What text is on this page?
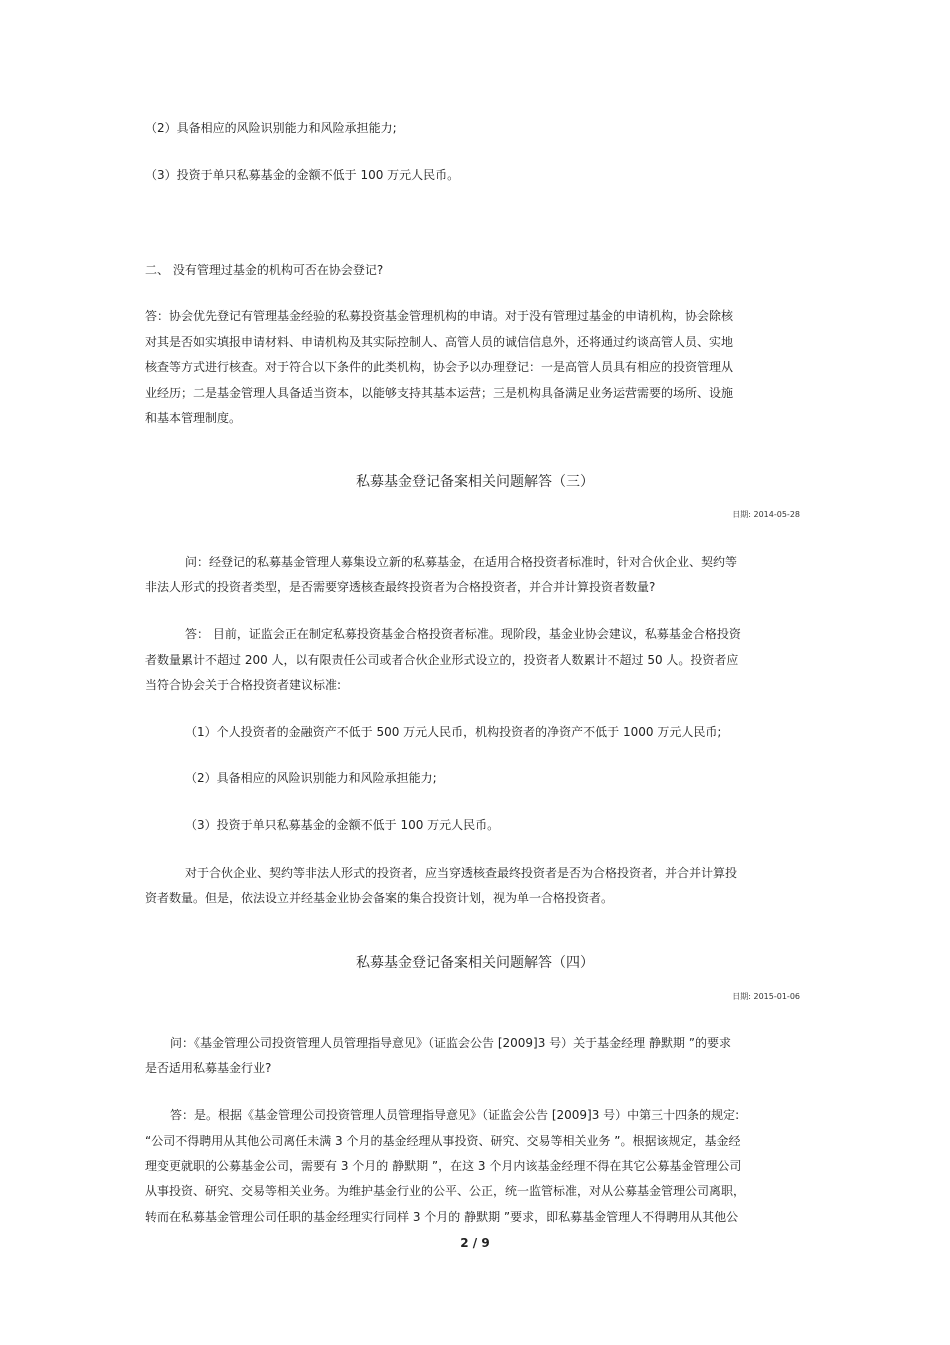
（2）具备相应的风险识别能力和风险承担能力;
（3）投资于单只私募基金的金额不低于 100 万元人民币。
二、 没有管理过基金的机构可否在协会登记?
答：协会优先登记有管理基金经验的私募投资基金管理机构的申请。对于没有管理过基金的申请机构，协会除核
对其是否如实填报申请材料、申请机构及其实际控制人、高管人员的诚信信息外，还将通过约谈高管人员、实地
核查等方式进行核查。对于符合以下条件的此类机构，协会予以办理登记：一是高管人员具有相应的投资管理从
业经历；二是基金管理人具备适当资本，以能够支持其基本运营；三是机构具备满足业务运营需要的场所、设施
和基本管理制度。
私募基金登记备案相关问题解答（三）
日期: 2014-05-28
问：经登记的私募基金管理人募集设立新的私募基金，在适用合格投资者标准时，针对合伙企业、契约等
非法人形式的投资者类型，是否需要穿透核查最终投资者为合格投资者，并合并计算投资者数量?
答： 目前，证监会正在制定私募投资基金合格投资者标准。现阶段，基金业协会建议，私募基金合格投资
者数量累计不超过 200 人，以有限责任公司或者合伙企业形式设立的，投资者人数累计不超过 50 人。投资者应
当符合协会关于合格投资者建议标准:
（1）个人投资者的金融资产不低于 500 万元人民币，机构投资者的净资产不低于 1000 万元人民币;
（2）具备相应的风险识别能力和风险承担能力;
（3）投资于单只私募基金的金额不低于 100 万元人民币。
对于合伙企业、契约等非法人形式的投资者，应当穿透核查最终投资者是否为合格投资者，并合并计算投
资者数量。但是，依法设立并经基金业协会备案的集合投资计划，视为单一合格投资者。
私募基金登记备案相关问题解答（四）
日期: 2015-01-06
问：《基金管理公司投资管理人员管理指导意见》（证监会公告 [2009]3 号）关于基金经理 静默期 ”的要求
是否适用私募基金行业?
答：是。根据《基金管理公司投资管理人员管理指导意见》（证监会公告 [2009]3 号）中第三十四条的规定:
“公司不得聘用从其他公司离任未满 3 个月的基金经理从事投资、研究、交易等相关业务 ”。根据该规定，基金经
理变更就职的公募基金公司，需要有 3 个月的 静默期 ”，在这 3 个月内该基金经理不得在其它公募基金管理公司
从事投资、研究、交易等相关业务。为维护基金行业的公平、公正，统一监管标准，对从公募基金管理公司离职，
转而在私募基金管理公司任职的基金经理实行同样 3 个月的 静默期 ”要求，即私募基金管理人不得聘用从其他公
2 / 9
